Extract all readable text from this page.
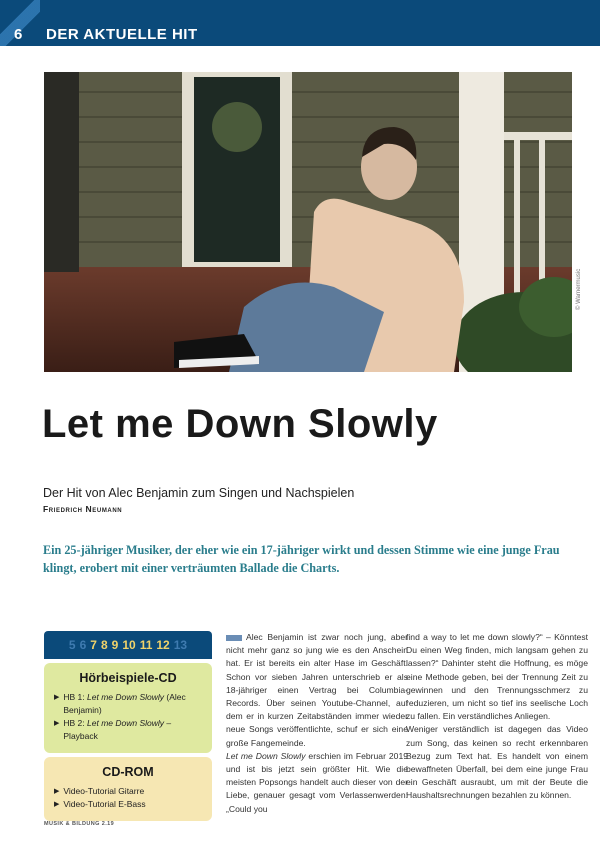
6 DER AKTUELLE HIT
© Warnermusic
Let me Down Slowly
Der Hit von Alec Benjamin zum Singen und Nachspielen
Friedrich Neumann
Ein 25-jähriger Musiker, der eher wie ein 17-jähriger wirkt und dessen Stimme wie eine junge Frau klingt, erobert mit einer verträumten Ballade die Charts.
5 6 7 8 9 10 11 12 13
Hörbeispiele-CD
▶ HB 1: Let me Down Slowly (Alec Benjamin)
▶ HB 2: Let me Down Slowly – Playback
CD-ROM
▶ Video-Tutorial Gitarre
▶ Video-Tutorial E-Bass

Alec Benjamin ist zwar noch jung, aber nicht mehr ganz so jung wie es den Anschein hat. Er ist bereits ein alter Hase im Geschäft. Schon vor sieben Jahren unterschrieb er als 18-jähriger einen Vertrag bei Columbia-Records. Über seinen Youtube-Channel, auf dem er in kurzen Zeitabständen immer wieder neue Songs veröffentlichte, schuf er sich eine große Fangemeinde.

Let me Down Slowly erschien im Februar 2019 und ist bis jetzt sein größter Hit. Wie die meisten Popsongs handelt auch dieser von der Liebe, genauer gesagt vom Verlassenwerden: „Could you

find a way to let me down slowly?“ – Könntest Du einen Weg finden, mich langsam gehen zu lassen?“ Dahinter steht die Hoffnung, es möge eine Methode geben, bei der Trennung Zeit zu gewinnen und den Trennungsschmerz zu reduzieren, um nicht so tief ins seelische Loch zu fallen. Ein verständliches Anliegen.

Weniger verständlich ist dagegen das Video zum Song, das keinen so recht erkennbaren Bezug zum Text hat. Es handelt von einem bewaffneten Überfall, bei dem eine junge Frau ein Geschäft ausraubt, um mit der Beute die Haushaltsrechnungen bezahlen zu können.

MUSIK & BILDUNG 2.19
